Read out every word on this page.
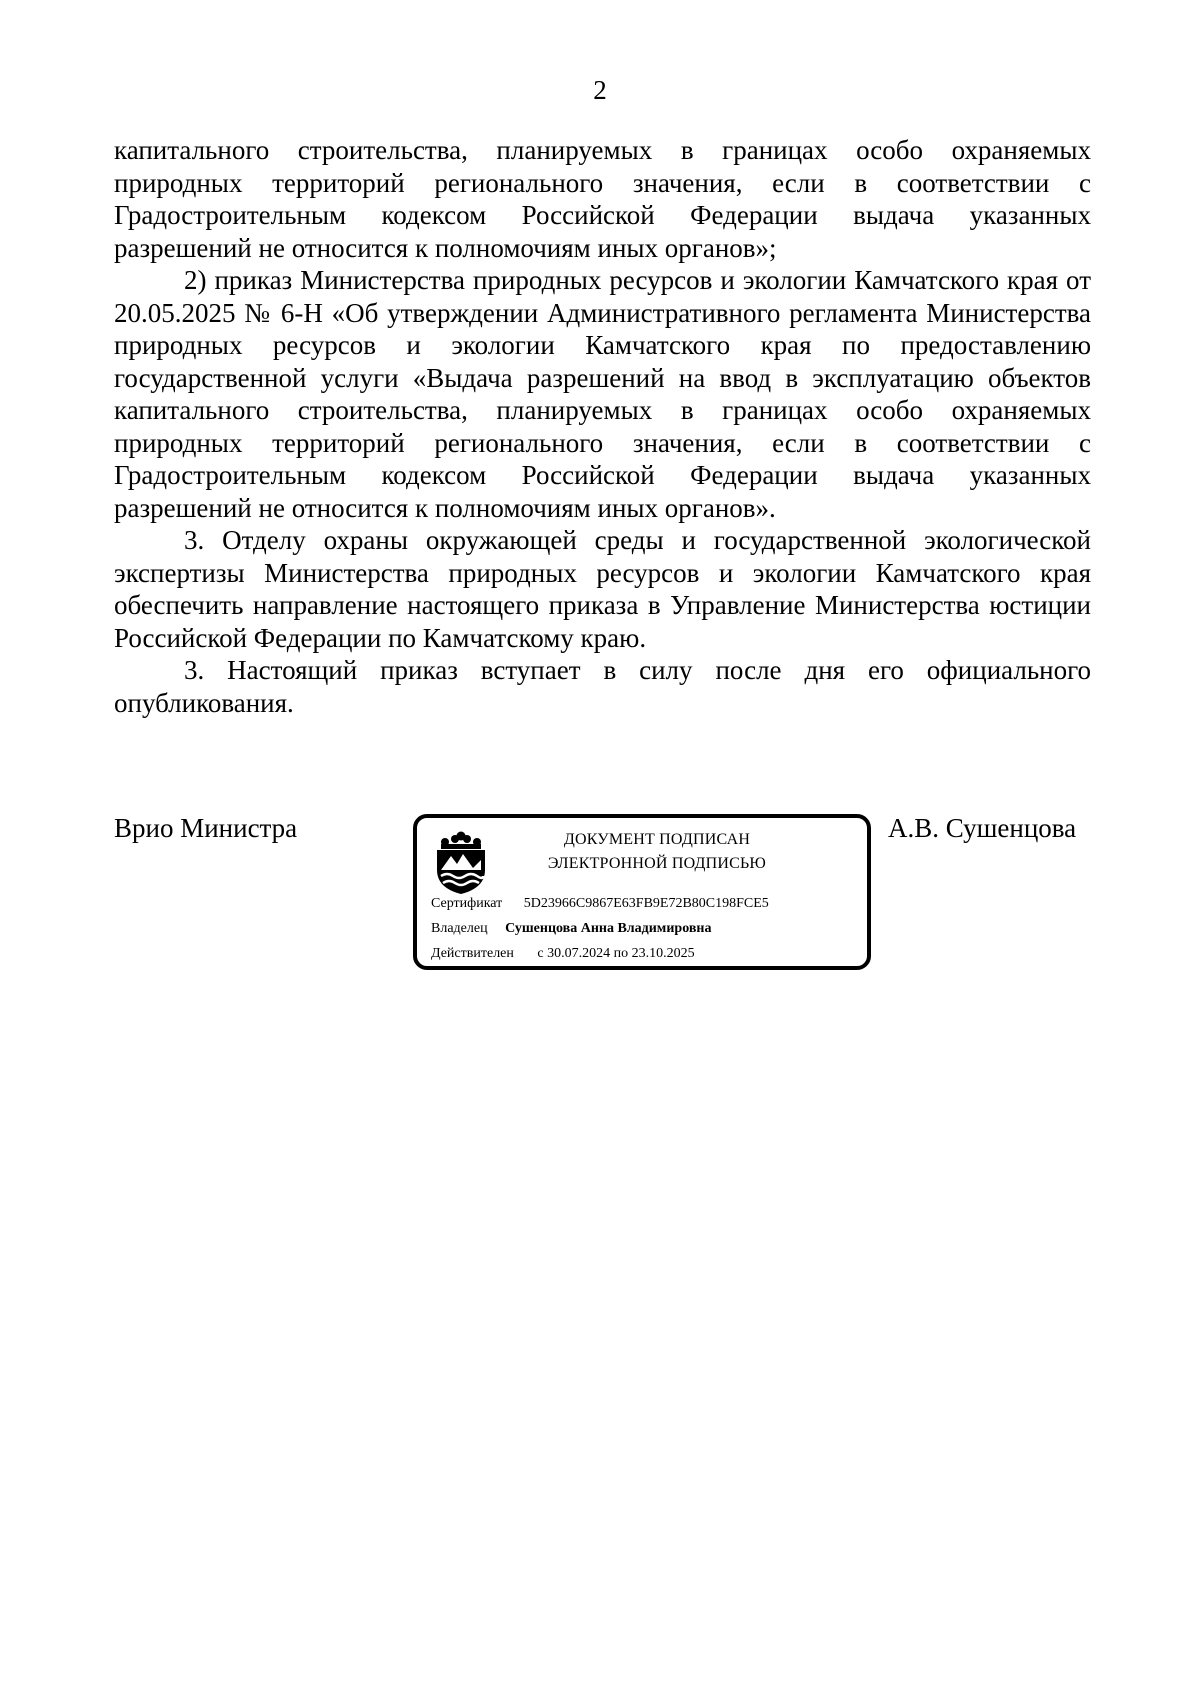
2

капитального строительства, планируемых в границах особо охраняемых природных территорий регионального значения, если в соответствии с Градостроительным кодексом Российской Федерации выдача указанных разрешений не относится к полномочиям иных органов»;

2) приказ Министерства природных ресурсов и экологии Камчатского края от 20.05.2025 № 6-Н «Об утверждении Административного регламента Министерства природных ресурсов и экологии Камчатского края по предоставлению государственной услуги «Выдача разрешений на ввод в эксплуатацию объектов капитального строительства, планируемых в границах особо охраняемых природных территорий регионального значения, если в соответствии с Градостроительным кодексом Российской Федерации выдача указанных разрешений не относится к полномочиям иных органов».

3. Отделу охраны окружающей среды и государственной экологической экспертизы Министерства природных ресурсов и экологии Камчатского края обеспечить направление настоящего приказа в Управление Министерства юстиции Российской Федерации по Камчатскому краю.

3. Настоящий приказ вступает в силу после дня его официального опубликования.

Врио Министра	ДОКУМЕНТ ПОДПИСАН
ЭЛЕКТРОННОЙ ПОДПИСЬЮ
Сертификат 5D23966C9867E63FB9E72B80C198FCE5
Владелец Сушенцова Анна Владимировна
Действителен с 30.07.2024 по 23.10.2025
А.В. Сушенцова
